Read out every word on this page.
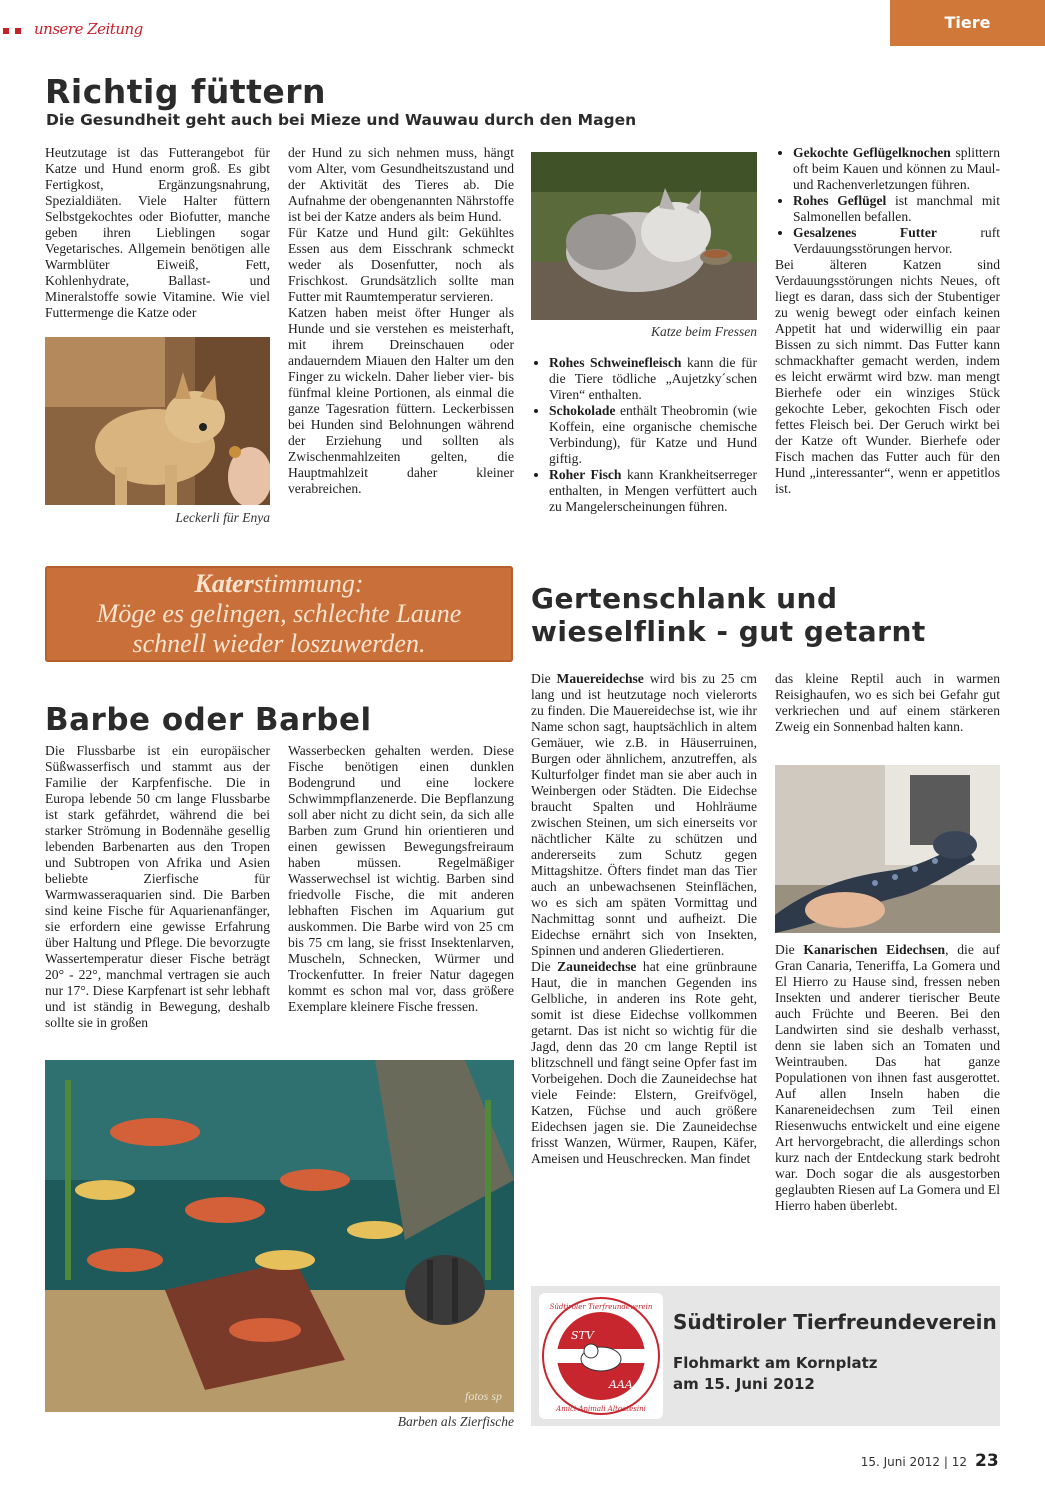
unsere Zeitung	Tiere
Richtig füttern
Die Gesundheit geht auch bei Mieze und Wauwau durch den Magen

Heutzutage ist das Futterangebot für Katze und Hund enorm groß. Es gibt Fertigkost, Ergänzungsnahrung, Spezialdiäten. Viele Halter füttern Selbstgekochtes oder Biofutter, manche geben ihren Lieblingen sogar Vegetarisches. Allgemein benötigen alle Warmblüter Eiweiß, Fett, Kohlenhydrate, Ballast- und Mineralstoffe sowie Vitamine. Wie viel Futtermenge die Katze oder

Leckerli für Enya

der Hund zu sich nehmen muss, hängt vom Alter, vom Gesundheitszustand und der Aktivität des Tieres ab. Die Aufnahme der obengenannten Nährstoffe ist bei der Katze anders als beim Hund.

Für Katze und Hund gilt: Gekühltes Essen aus dem Eisschrank schmeckt weder als Dosenfutter, noch als Frischkost. Grundsätzlich sollte man Futter mit Raumtemperatur servieren.

Katzen haben meist öfter Hunger als Hunde und sie verstehen es meisterhaft, mit ihrem Dreinschauen oder andauerndem Miauen den Halter um den Finger zu wickeln. Daher lieber vier- bis fünfmal kleine Portionen, als einmal die ganze Tagesration füttern. Leckerbissen bei Hunden sind Belohnungen während der Erziehung und sollten als Zwischenmahlzeiten gelten, die Hauptmahlzeit daher kleiner verabreichen.

Katze beim Fressen
• Rohes Schweinefleisch kann die für die Tiere tödliche „Aujetzky´schen Viren“ enthalten.
• Schokolade enthält Theobromin (wie Koffein, eine organische chemische Verbindung), für Katze und Hund giftig.
• Roher Fisch kann Krankheitserreger enthalten, in Mengen verfüttert auch zu Mangelerscheinungen führen.
• Gekochte Geflügelknochen splittern oft beim Kauen und können zu Maul- und Rachenverletzungen führen.
• Rohes Geflügel ist manchmal mit Salmonellen befallen.
• Gesalzenes Futter ruft Verdauungsstörungen hervor.

Bei älteren Katzen sind Verdauungsstörungen nichts Neues, oft liegt es daran, dass sich der Stubentiger zu wenig bewegt oder einfach keinen Appetit hat und widerwillig ein paar Bissen zu sich nimmt. Das Futter kann schmackhafter gemacht werden, indem es leicht erwärmt wird bzw. man mengt Bierhefe oder ein winziges Stück gekochte Leber, gekochten Fisch oder fettes Fleisch bei. Der Geruch wirkt bei der Katze oft Wunder. Bierhefe oder Fisch machen das Futter auch für den Hund „interessanter“, wenn er appetitlos ist.

Katerstimmung:
Möge es gelingen, schlechte Laune
schnell wieder loszuwerden.
Barbe oder Barbel

Die Flussbarbe ist ein europäischer Süßwasserfisch und stammt aus der Familie der Karpfenfische. Die in Europa lebende 50 cm lange Flussbarbe ist stark gefährdet, während die bei starker Strömung in Bodennähe gesellig lebenden Barbenarten aus den Tropen und Subtropen von Afrika und Asien beliebte Zierfische für Warmwasseraquarien sind. Die Barben sind keine Fische für Aquarienanfänger, sie erfordern eine gewisse Erfahrung über Haltung und Pflege. Die bevorzugte Wassertemperatur dieser Fische beträgt 20° - 22°, manchmal vertragen sie auch nur 17°. Diese Karpfenart ist sehr lebhaft und ist ständig in Bewegung, deshalb sollte sie in großen

Wasserbecken gehalten werden. Diese Fische benötigen einen dunklen Bodengrund und eine lockere Schwimmpflanzenerde. Die Bepflanzung soll aber nicht zu dicht sein, da sich alle Barben zum Grund hin orientieren und einen gewissen Bewegungsfreiraum haben müssen. Regelmäßiger Wasserwechsel ist wichtig. Barben sind friedvolle Fische, die mit anderen lebhaften Fischen im Aquarium gut auskommen. Die Barbe wird von 25 cm bis 75 cm lang, sie frisst Insektenlarven, Muscheln, Schnecken, Würmer und Trockenfutter. In freier Natur dagegen kommt es schon mal vor, dass größere Exemplare kleinere Fische fressen.

fotos sp
Barben als Zierfische
Gertenschlank und
wieselflink - gut getarnt

Die Mauereidechse wird bis zu 25 cm lang und ist heutzutage noch vielerorts zu finden. Die Mauereidechse ist, wie ihr Name schon sagt, hauptsächlich in altem Gemäuer, wie z.B. in Häuserruinen, Burgen oder ähnlichem, anzutreffen, als Kulturfolger findet man sie aber auch in Weinbergen oder Städten. Die Eidechse braucht Spalten und Hohlräume zwischen Steinen, um sich einerseits vor nächtlicher Kälte zu schützen und andererseits zum Schutz gegen Mittagshitze. Öfters findet man das Tier auch an unbewachsenen Steinflächen, wo es sich am späten Vormittag und Nachmittag sonnt und aufheizt. Die Eidechse ernährt sich von Insekten, Spinnen und anderen Gliedertieren.

Die Zauneidechse hat eine grünbraune Haut, die in manchen Gegenden ins Gelbliche, in anderen ins Rote geht, somit ist diese Eidechse vollkommen getarnt. Das ist nicht so wichtig für die Jagd, denn das 20 cm lange Reptil ist blitzschnell und fängt seine Opfer fast im Vorbeigehen. Doch die Zauneidechse hat viele Feinde: Elstern, Greifvögel, Katzen, Füchse und auch größere Eidechsen jagen sie. Die Zauneidechse frisst Wanzen, Würmer, Raupen, Käfer, Ameisen und Heuschrecken. Man findet

das kleine Reptil auch in warmen Reisighaufen, wo es sich bei Gefahr gut verkriechen und auf einem stärkeren Zweig ein Sonnenbad halten kann.

Die Kanarischen Eidechsen, die auf Gran Canaria, Teneriffa, La Gomera und El Hierro zu Hause sind, fressen neben Insekten und anderer tierischer Beute auch Früchte und Beeren. Bei den Landwirten sind sie deshalb verhasst, denn sie laben sich an Tomaten und Weintrauben. Das hat ganze Populationen von ihnen fast ausgerottet. Auf allen Inseln haben die Kanareneidechsen zum Teil einen Riesenwuchs entwickelt und eine eigene Art hervorgebracht, die allerdings schon kurz nach der Entdeckung stark bedroht war. Doch sogar die als ausgestorben geglaubten Riesen auf La Gomera und El Hierro haben überlebt.

STV
AAA
Südtiroler Tierfreundeverein
Amici Animali Altoatesini
Südtiroler Tierfreundeverein
Flohmarkt am Kornplatz
am 15. Juni 2012
15. Juni 2012 | 12 23
